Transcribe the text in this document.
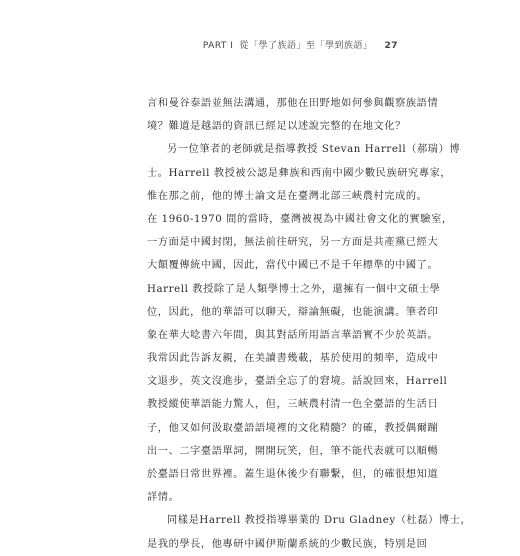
PART I 從「學了族語」至「學到族語」 27
言和曼谷泰語並無法溝通，那他在田野地如何參與觀察族語情
境？難道是越語的資訊已經足以述說完整的在地文化？
另一位筆者的老師就是指導教授 Stevan Harrell（郝瑞）博
士。Harrell 教授被公認是彝族和西南中國少數民族研究專家，
惟在那之前，他的博士論文是在臺灣北部三峽農村完成的。
在 1960-1970 間的當時，臺灣被視為中國社會文化的實驗室，
一方面是中國封閉，無法前往研究，另一方面是共產黨已經大
大顛覆傳統中國，因此，當代中國已不是千年標準的中國了。
Harrell 教授除了是人類學博士之外，還擁有一個中文碩士學
位，因此，他的華語可以聊天，辯論無礙，也能演講。筆者印
象在華大唸書六年間，與其對話所用語言華語實不少於英語。
我常因此告訴友親，在美讀書幾載，基於使用的頻率，造成中
文退步，英文沒進步，臺語全忘了的窘境。話說回來，Harrell
教授縱使華語能力驚人，但，三峽農村清一色全臺語的生活日
子，他又如何汲取臺語語境裡的文化精髓？的確，教授偶爾蹦
出一、二字臺語單詞，開開玩笑，但，筆不能代表就可以順暢
於臺語日常世界裡。蓋生退休後少有聯繫，但，的確很想知道
詳情。
同樣是Harrell 教授指導畢業的 Dru Gladney（杜磊）博士，
是我的學長，他專研中國伊斯蘭系統的少數民族，特別是回
